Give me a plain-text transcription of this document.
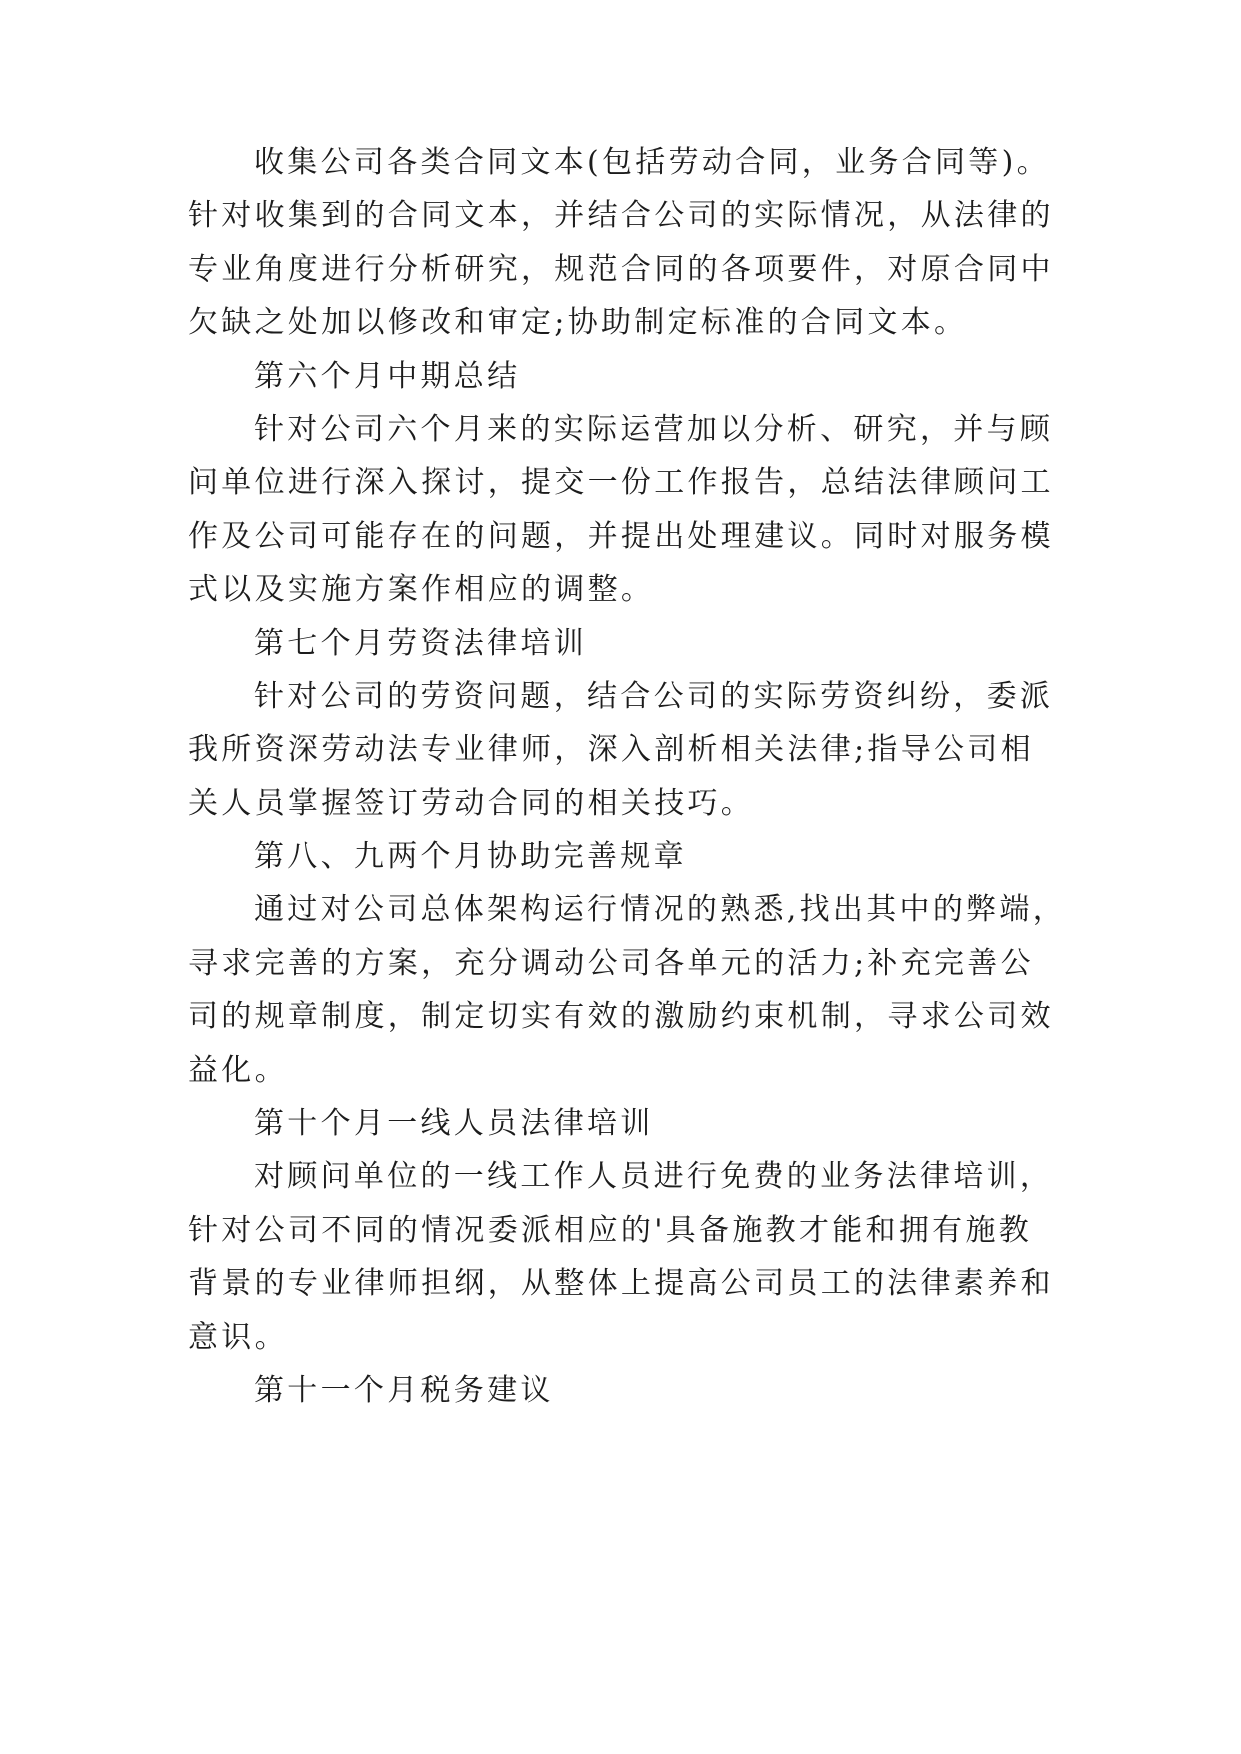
收集公司各类合同文本(包括劳动合同，业务合同等)。
针对收集到的合同文本，并结合公司的实际情况，从法律的
专业角度进行分析研究，规范合同的各项要件，对原合同中
欠缺之处加以修改和审定;协助制定标准的合同文本。
第六个月中期总结
针对公司六个月来的实际运营加以分析、研究，并与顾
问单位进行深入探讨，提交一份工作报告，总结法律顾问工
作及公司可能存在的问题，并提出处理建议。同时对服务模
式以及实施方案作相应的调整。
第七个月劳资法律培训
针对公司的劳资问题，结合公司的实际劳资纠纷，委派
我所资深劳动法专业律师，深入剖析相关法律;指导公司相
关人员掌握签订劳动合同的相关技巧。
第八、九两个月协助完善规章
通过对公司总体架构运行情况的熟悉,找出其中的弊端，
寻求完善的方案，充分调动公司各单元的活力;补充完善公
司的规章制度，制定切实有效的激励约束机制，寻求公司效
益化。
第十个月一线人员法律培训
对顾问单位的一线工作人员进行免费的业务法律培训，
针对公司不同的情况委派相应的'具备施教才能和拥有施教
背景的专业律师担纲，从整体上提高公司员工的法律素养和
意识。
第十一个月税务建议
